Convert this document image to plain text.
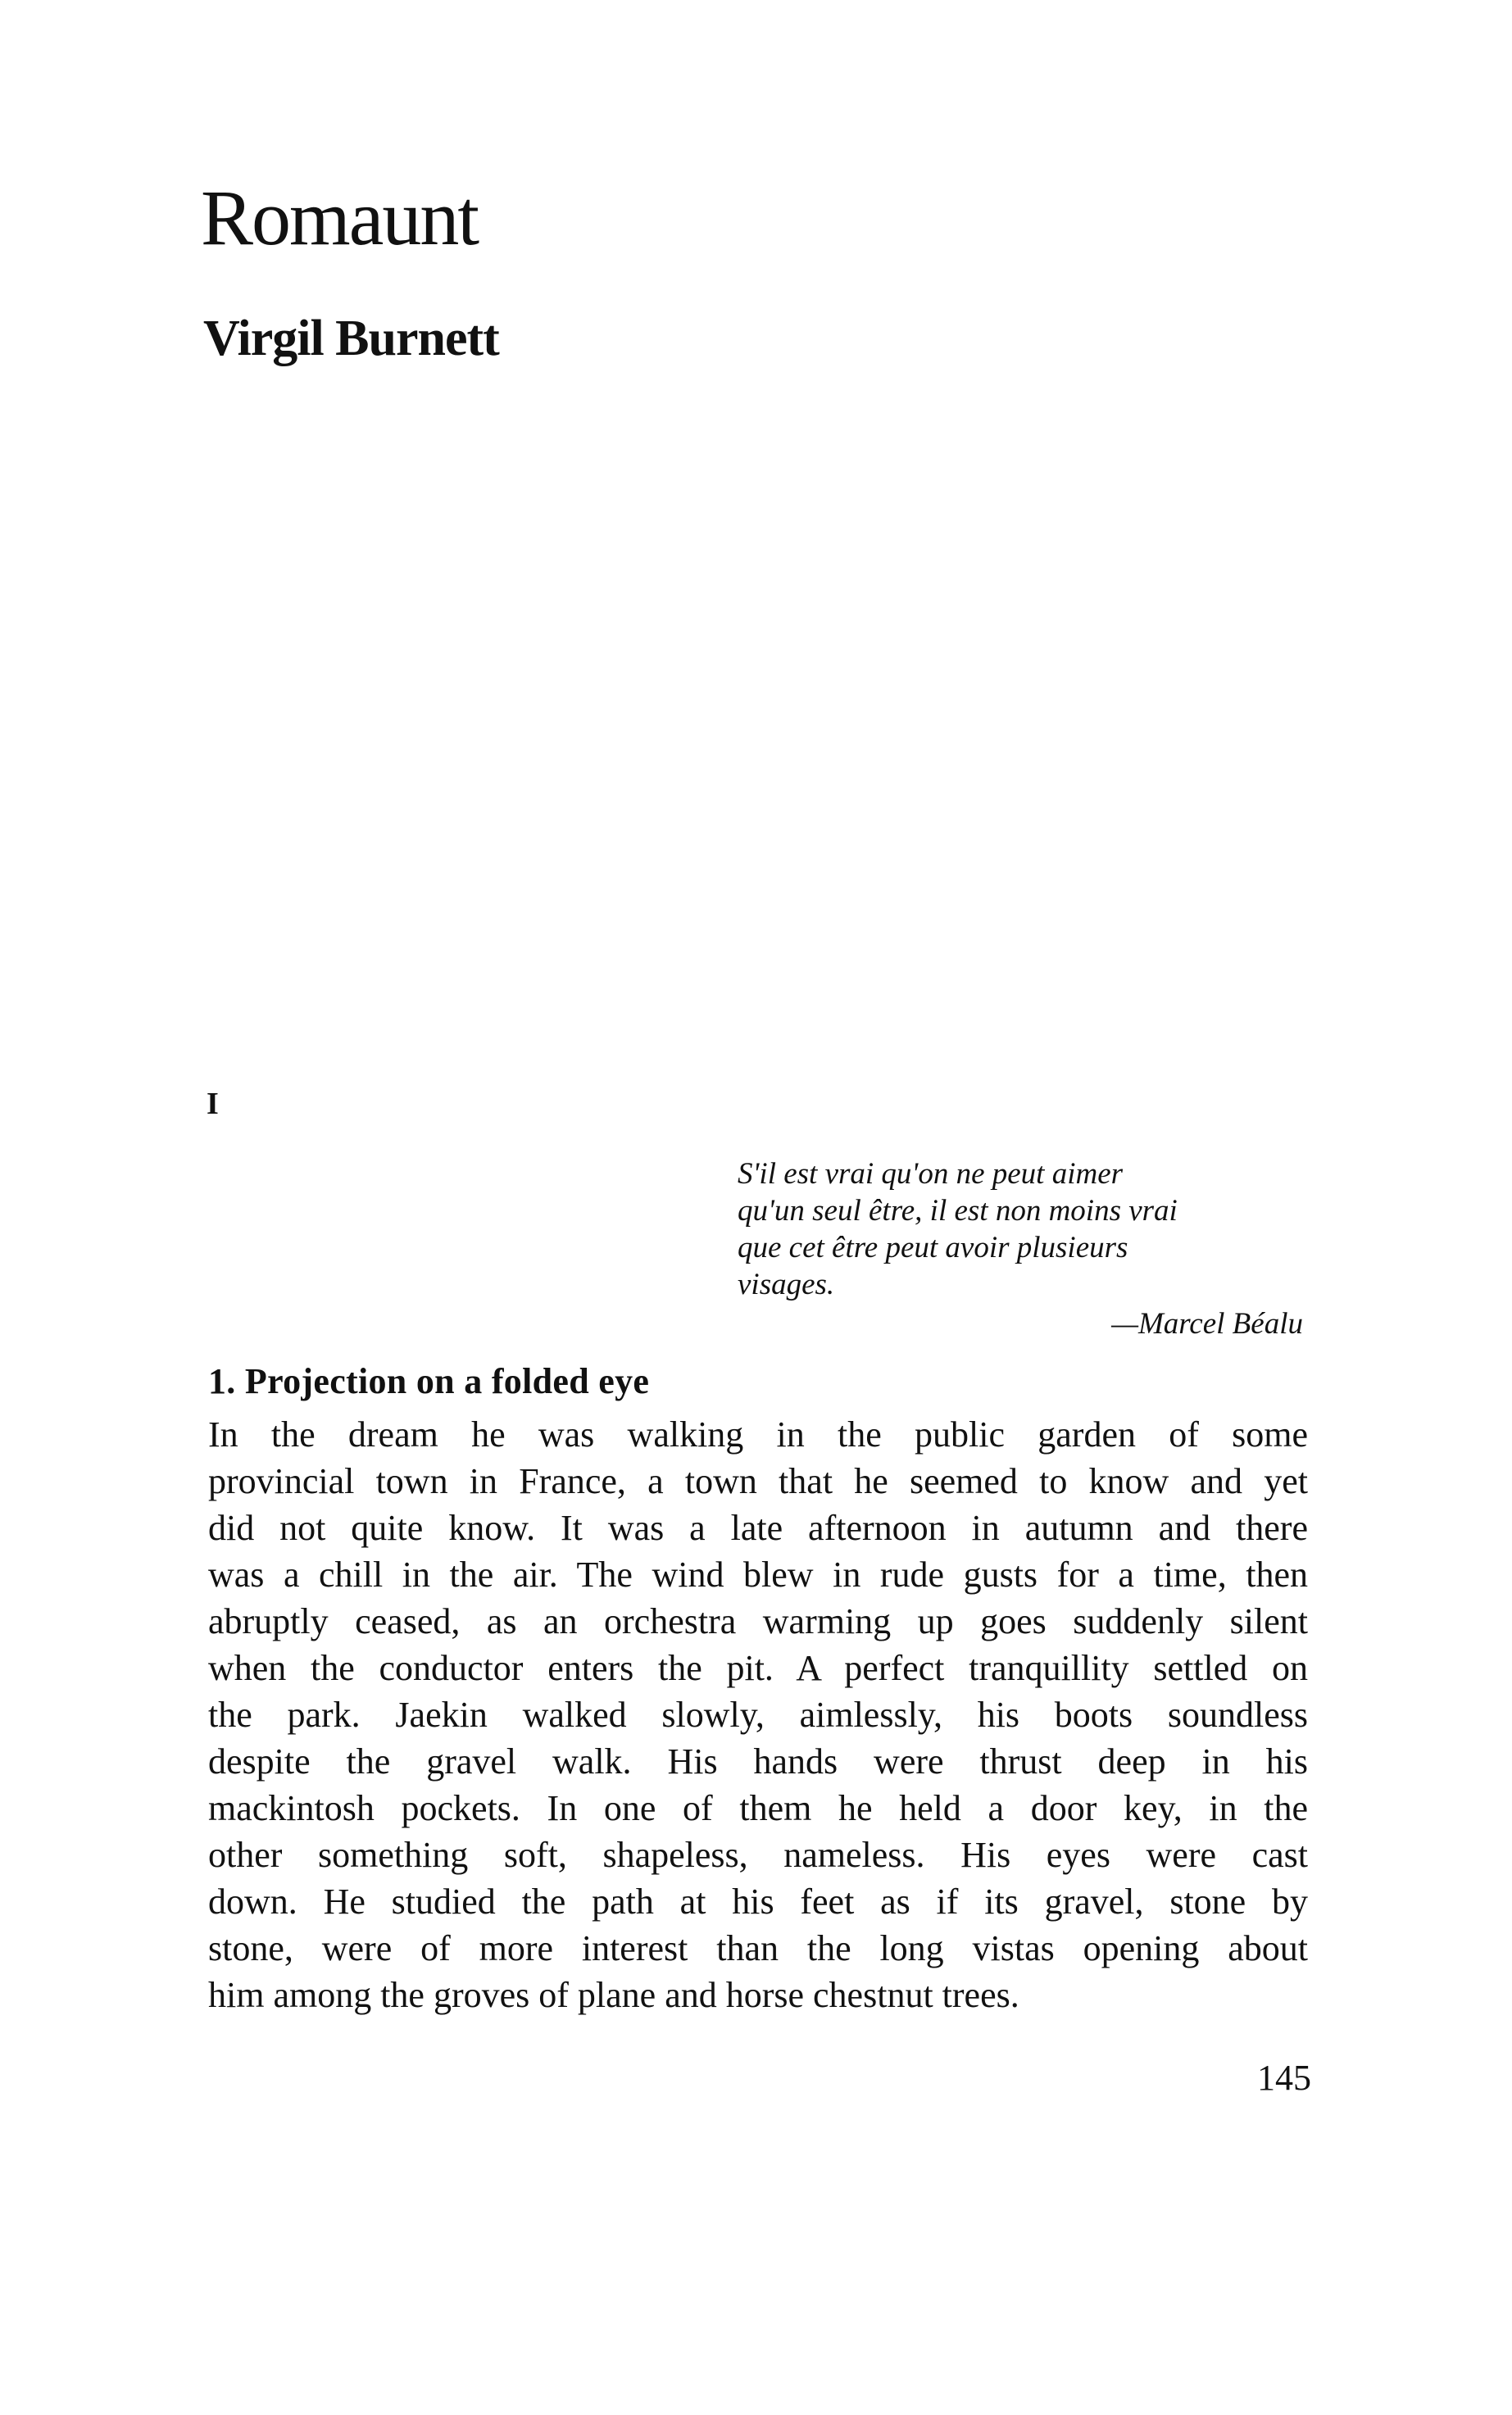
Romaunt
Virgil Burnett
I
S'il est vrai qu'on ne peut aimer
qu'un seul être, il est non moins vrai
que cet être peut avoir plusieurs
visages.
—Marcel Béalu
1. Projection on a folded eye
In the dream he was walking in the public garden of some
provincial town in France, a town that he seemed to know and yet
did not quite know. It was a late afternoon in autumn and there
was a chill in the air. The wind blew in rude gusts for a time, then
abruptly ceased, as an orchestra warming up goes suddenly silent
when the conductor enters the pit. A perfect tranquillity settled on
the park. Jaekin walked slowly, aimlessly, his boots soundless
despite the gravel walk. His hands were thrust deep in his
mackintosh pockets. In one of them he held a door key, in the
other something soft, shapeless, nameless. His eyes were cast
down. He studied the path at his feet as if its gravel, stone by
stone, were of more interest than the long vistas opening about
him among the groves of plane and horse chestnut trees.
145
